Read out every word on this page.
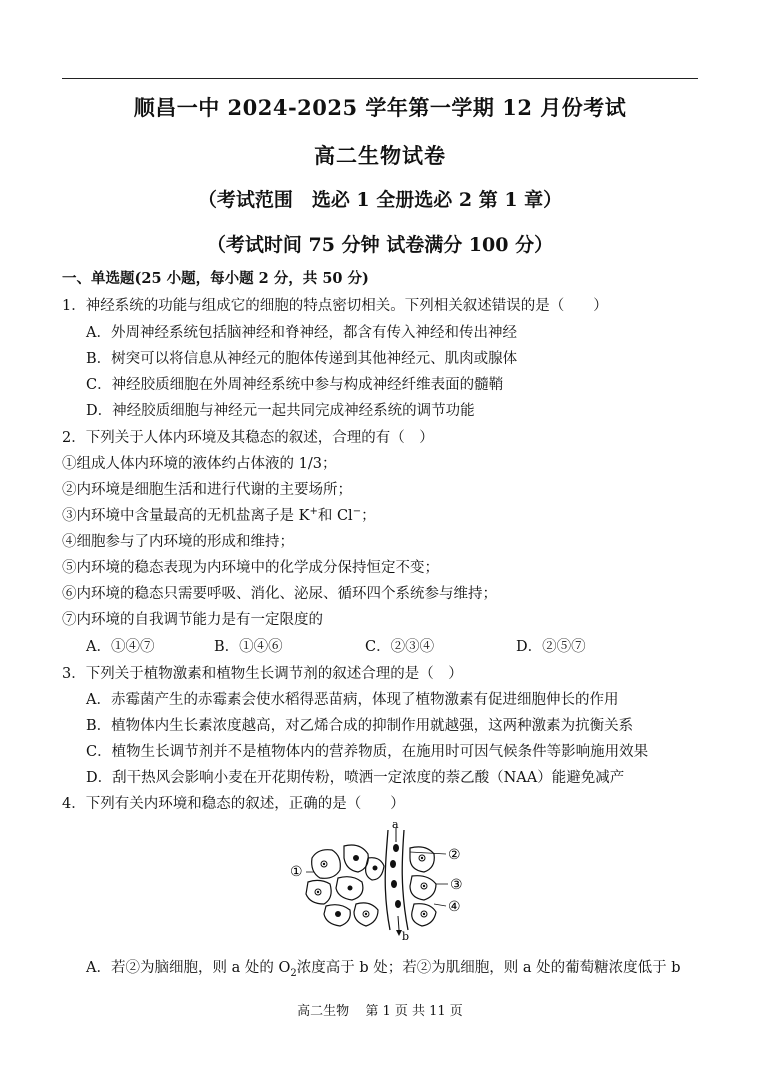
顺昌一中 2024-2025 学年第一学期 12 月份考试
高二生物试卷
（考试范围　选必 1 全册选必 2 第 1 章）
（考试时间 75 分钟 试卷满分 100 分）
一、单选题(25 小题，每小题 2 分，共 50 分)
1．神经系统的功能与组成它的细胞的特点密切相关。下列相关叙述错误的是（　　）
A．外周神经系统包括脑神经和脊神经，都含有传入神经和传出神经
B．树突可以将信息从神经元的胞体传递到其他神经元、肌肉或腺体
C．神经胶质细胞在外周神经系统中参与构成神经纤维表面的髓鞘
D．神经胶质细胞与神经元一起共同完成神经系统的调节功能
2．下列关于人体内环境及其稳态的叙述，合理的有（　）
①组成人体内环境的液体约占体液的 1/3；
②内环境是细胞生活和进行代谢的主要场所；
③内环境中含量最高的无机盐离子是 K+和 Cl−；
④细胞参与了内环境的形成和维持；
⑤内环境的稳态表现为内环境中的化学成分保持恒定不变；
⑥内环境的稳态只需要呼吸、消化、泌尿、循环四个系统参与维持；
⑦内环境的自我调节能力是有一定限度的
A．①④⑦	B．①④⑥	C．②③④	D．②⑤⑦
3．下列关于植物激素和植物生长调节剂的叙述合理的是（　）
A．赤霉菌产生的赤霉素会使水稻得恶苗病，体现了植物激素有促进细胞伸长的作用
B．植物体内生长素浓度越高，对乙烯合成的抑制作用就越强，这两种激素为抗衡关系
C．植物生长调节剂并不是植物体内的营养物质，在施用时可因气候条件等影响施用效果
D．刮干热风会影响小麦在开花期传粉，喷洒一定浓度的萘乙酸（NAA）能避免减产
4．下列有关内环境和稳态的叙述，正确的是（　　）
a
b
①
②
③
④
A．若②为脑细胞，则 a 处的 $O_2$浓度高于 b 处；若②为肌细胞，则 a 处的葡萄糖浓度低于 b
高二生物 第 1 页 共 11 页
